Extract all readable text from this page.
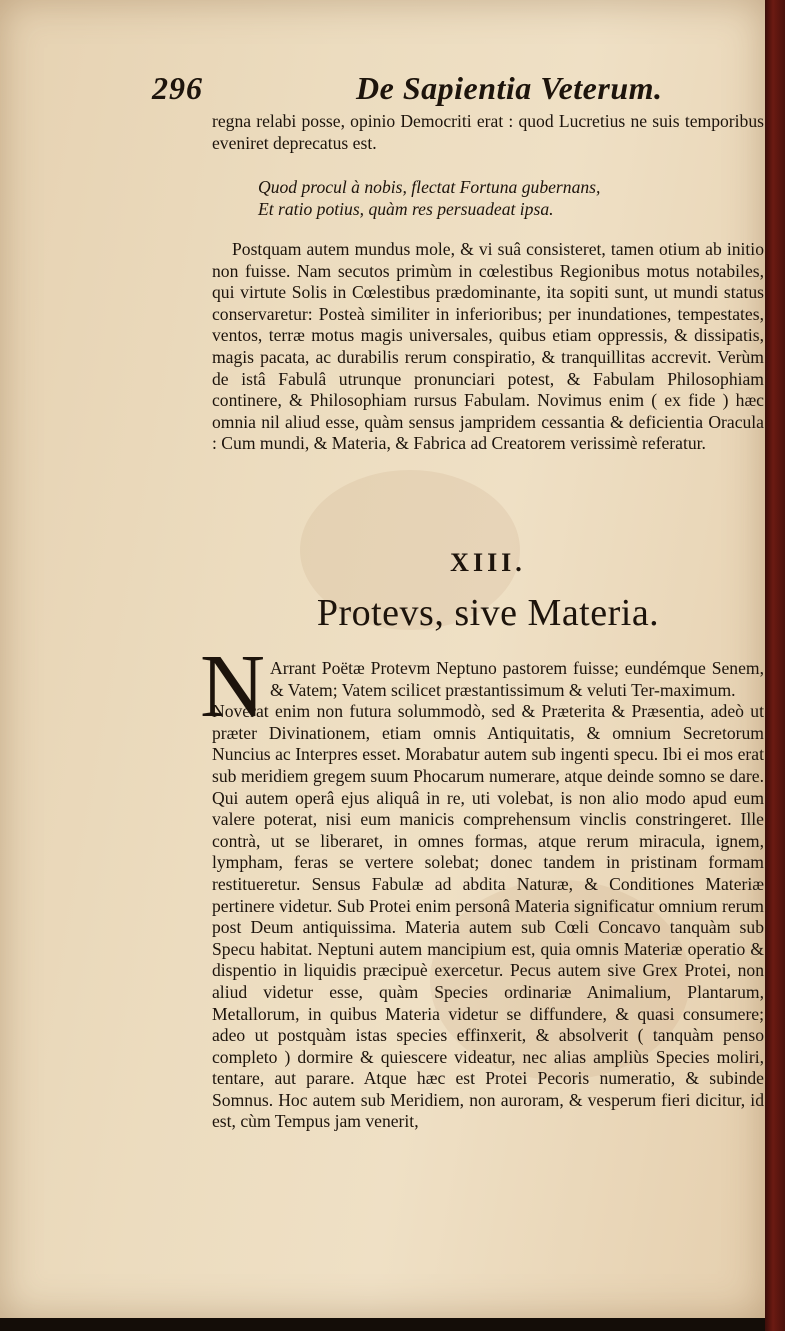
296	De Sapientia Veterum.
regna relabi posse, opinio Democriti erat : quod Lucretius ne suis temporibus eveniret deprecatus est.
Quod procul à nobis, flectat Fortuna gubernans,
Et ratio potius, quàm res persuadeat ipsa.
Postquam autem mundus mole, & vi suâ consisteret, tamen otium ab initio non fuisse. Nam secutos primùm in cœlestibus Regionibus motus notabiles, qui virtute Solis in Cœlestibus prædominante, ita sopiti sunt, ut mundi status conservaretur: Posteà similiter in inferioribus; per inundationes, tempestates, ventos, terræ motus magis universales, quibus etiam oppressis, & dissipatis, magis pacata, ac durabilis rerum conspiratio, & tranquillitas accrevit. Verùm de istâ Fabulâ utrunque pronunciari potest, & Fabulam Philosophiam continere, & Philosophiam rursus Fabulam. Novimus enim ( ex fide ) hæc omnia nil aliud esse, quàm sensus jampridem cessantia & deficientia Oracula : Cum mundi, & Materia, & Fabrica ad Creatorem verissimè referatur.
XIII.
Protevs, sive Materia.
N Arrant Poëtæ Protevm Neptuno pastorem fuisse; eundémque Senem, & Vatem; Vatem scilicet præstantissimum & veluti Ter-maximum.
Noverat enim non futura solummodò, sed & Præterita & Præsentia, adeò ut præter Divinationem, etiam omnis Antiquitatis, & omnium Secretorum Nuncius ac Interpres esset. Morabatur autem sub ingenti specu. Ibi ei mos erat sub meridiem gregem suum Phocarum numerare, atque deinde somno se dare. Qui autem operâ ejus aliquâ in re, uti volebat, is non alio modo apud eum valere poterat, nisi eum manicis comprehensum vinclis constringeret. Ille contrà, ut se liberaret, in omnes formas, atque rerum miracula, ignem, lympham, feras se vertere solebat; donec tandem in pristinam formam restitueretur. Sensus Fabulæ ad abdita Naturæ, & Conditiones Materiæ pertinere videtur. Sub Protei enim personâ Materia significatur omnium rerum post Deum antiquissima. Materia autem sub Cœli Concavo tanquàm sub Specu habitat. Neptuni autem mancipium est, quia omnis Materiæ operatio & dispentio in liquidis præcipuè exercetur. Pecus autem sive Grex Protei, non aliud videtur esse, quàm Species ordinariæ Animalium, Plantarum, Metallorum, in quibus Materia videtur se diffundere, & quasi consumere; adeo ut postquàm istas species effinxerit, & absolverit ( tanquàm penso completo ) dormire & quiescere videatur, nec alias ampliùs Species moliri, tentare, aut parare. Atque hæc est Protei Pecoris numeratio, & subinde Somnus. Hoc autem sub Meridiem, non auroram, & vesperum fieri dicitur, id est, cùm Tempus jam venerit,
